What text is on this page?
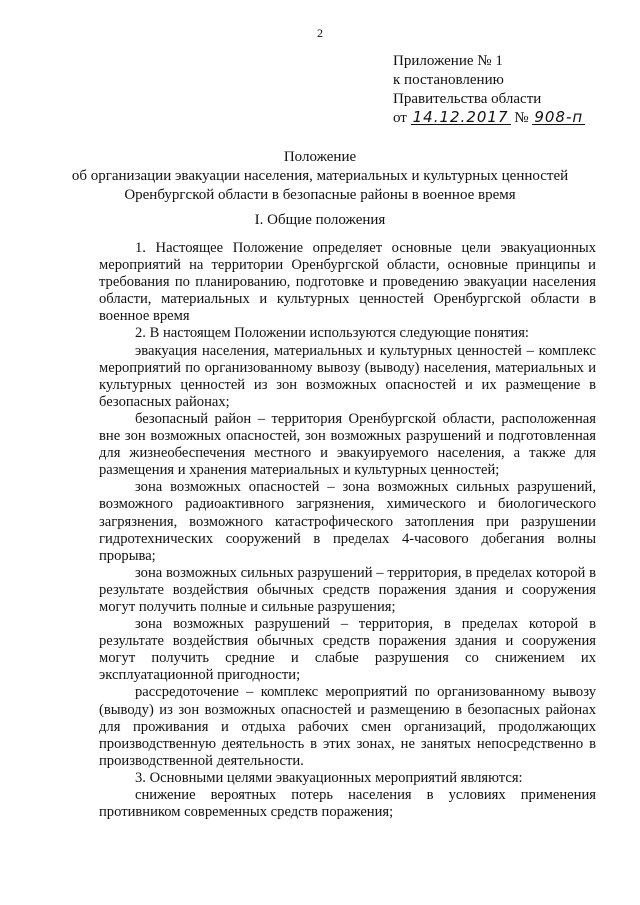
2
Приложение № 1
к постановлению
Правительства области
от 14.12.2017 № 908-п
Положение
об организации эвакуации населения, материальных и культурных ценностей
Оренбургской области в безопасные районы в военное время
I. Общие положения

1. Настоящее Положение определяет основные цели эвакуационных мероприятий на территории Оренбургской области, основные принципы и требования по планированию, подготовке и проведению эвакуации населения области, материальных и культурных ценностей Оренбургской области в военное время

2. В настоящем Положении используются следующие понятия:

эвакуация населения, материальных и культурных ценностей – комплекс мероприятий по организованному вывозу (выводу) населения, материальных и культурных ценностей из зон возможных опасностей и их размещение в безопасных районах;

безопасный район – территория Оренбургской области, расположенная вне зон возможных опасностей, зон возможных разрушений и подготовленная для жизнеобеспечения местного и эвакуируемого населения, а также для размещения и хранения материальных и культурных ценностей;

зона возможных опасностей – зона возможных сильных разрушений, возможного радиоактивного загрязнения, химического и биологического загрязнения, возможного катастрофического затопления при разрушении гидротехнических сооружений в пределах 4-часового добегания волны прорыва;

зона возможных сильных разрушений – территория, в пределах которой в результате воздействия обычных средств поражения здания и сооружения могут получить полные и сильные разрушения;

зона возможных разрушений – территория, в пределах которой в результате воздействия обычных средств поражения здания и сооружения могут получить средние и слабые разрушения со снижением их эксплуатационной пригодности;

рассредоточение – комплекс мероприятий по организованному вывозу (выводу) из зон возможных опасностей и размещению в безопасных районах для проживания и отдыха рабочих смен организаций, продолжающих производственную деятельность в этих зонах, не занятых непосредственно в производственной деятельности.

3. Основными целями эвакуационных мероприятий являются:

снижение вероятных потерь населения в условиях применения противником современных средств поражения;
